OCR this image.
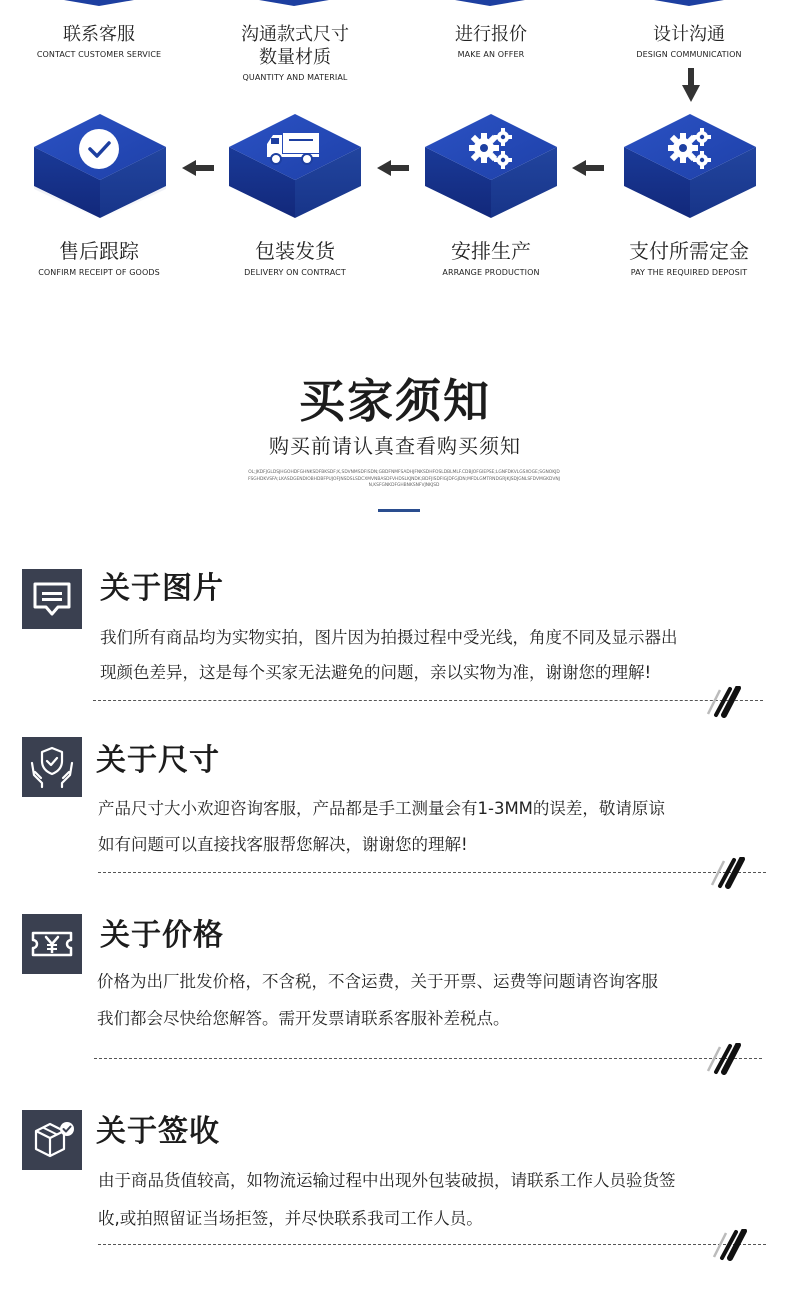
联系客服
CONTACT CUSTOMER SERVICE
沟通款式尺寸
数量材质
QUANTITY AND MATERIAL
进行报价
MAKE AN OFFER
设计沟通
DESIGN COMMUNICATION
售后跟踪
CONFIRM RECEIPT OF GOODS
包装发货
DELIVERY ON CONTRACT
安排生产
ARRANGE PRODUCTION
支付所需定金
PAY THE REQUIRED DEPOSIT
买家须知
购买前请认真查看购买须知
OL;JKDFJGLDSJHGOHDFGHNKSDFBKSDF;K,SDVNMSDFISDN;GBDFNMFSADHJFNKSDHFOSLDBLMLF.CDBJOFGIEPSE;LGNFDKVLGSXOGE;SGNOKJDFSGHDKVSFA;LKASDGENDIOBHDBFPUJOFJNSDSLSDCXMVNBASDFVHDSLKJNDK;BDFJISDFIGJDFGJDN;MFDLGMTRNDGRJKJSDJGNLSFDVMGKDVNJN,KSFGNKDFGHBNKSNFVJNKJSD
关于图片
我们所有商品均为实物实拍，图片因为拍摄过程中受光线，角度不同及显示器出
现颜色差异，这是每个买家无法避免的问题，亲以实物为准，谢谢您的理解!
关于尺寸
产品尺寸大小欢迎咨询客服，产品都是手工测量会有1-3MM的误差，敬请原谅
如有问题可以直接找客服帮您解决，谢谢您的理解!
关于价格
价格为出厂批发价格，不含税，不含运费，关于开票、运费等问题请咨询客服
我们都会尽快给您解答。需开发票请联系客服补差税点。
关于签收
由于商品货值较高，如物流运输过程中出现外包装破损，请联系工作人员验货签
收,或拍照留证当场拒签，并尽快联系我司工作人员。
